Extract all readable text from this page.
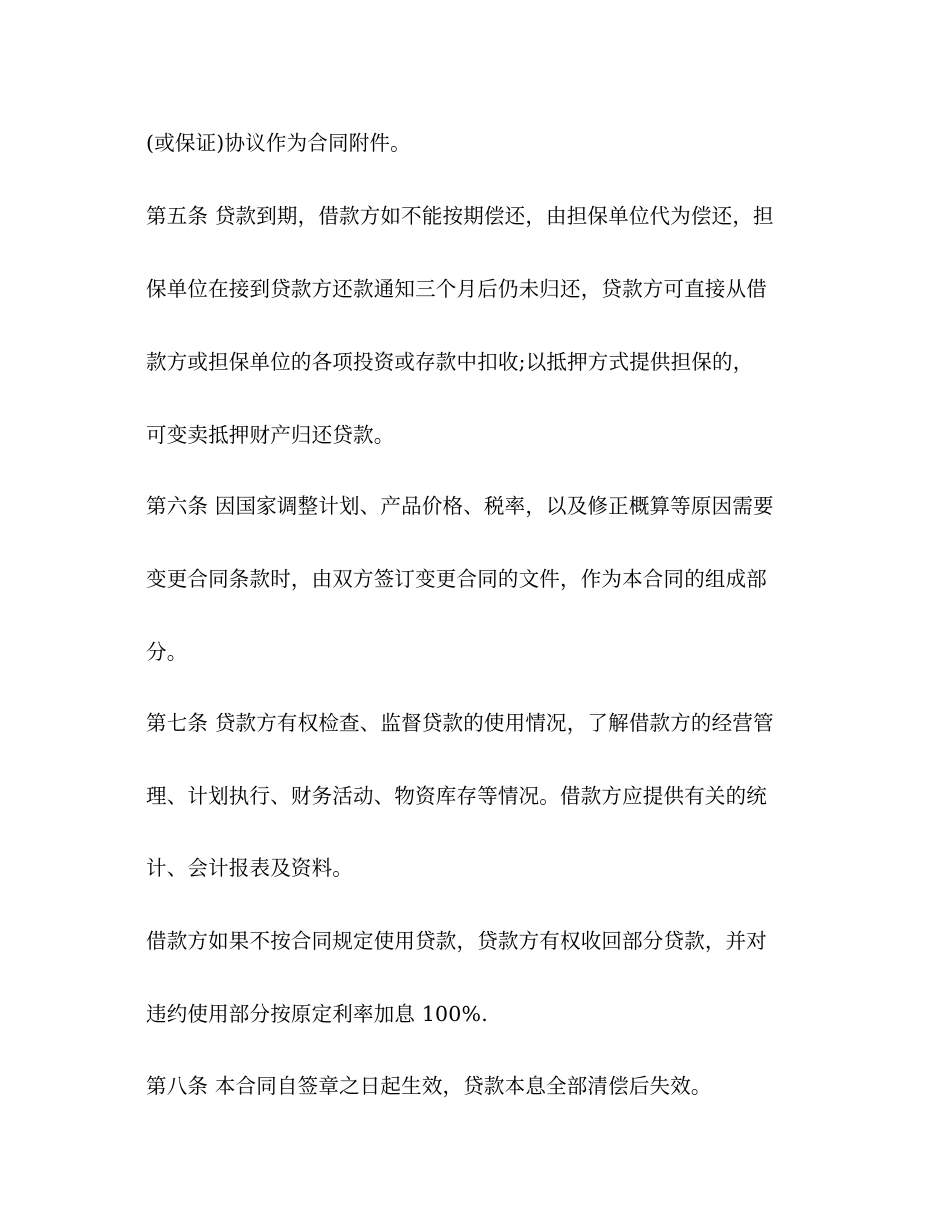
(或保证)协议作为合同附件。

第五条 贷款到期，借款方如不能按期偿还，由担保单位代为偿还，担

保单位在接到贷款方还款通知三个月后仍未归还，贷款方可直接从借

款方或担保单位的各项投资或存款中扣收;以抵押方式提供担保的，

可变卖抵押财产归还贷款。

第六条 因国家调整计划、产品价格、税率，以及修正概算等原因需要

变更合同条款时，由双方签订变更合同的文件，作为本合同的组成部

分。

第七条 贷款方有权检查、监督贷款的使用情况，了解借款方的经营管

理、计划执行、财务活动、物资库存等情况。借款方应提供有关的统

计、会计报表及资料。

借款方如果不按合同规定使用贷款，贷款方有权收回部分贷款，并对

违约使用部分按原定利率加息 100%.

第八条 本合同自签章之日起生效，贷款本息全部清偿后失效。
